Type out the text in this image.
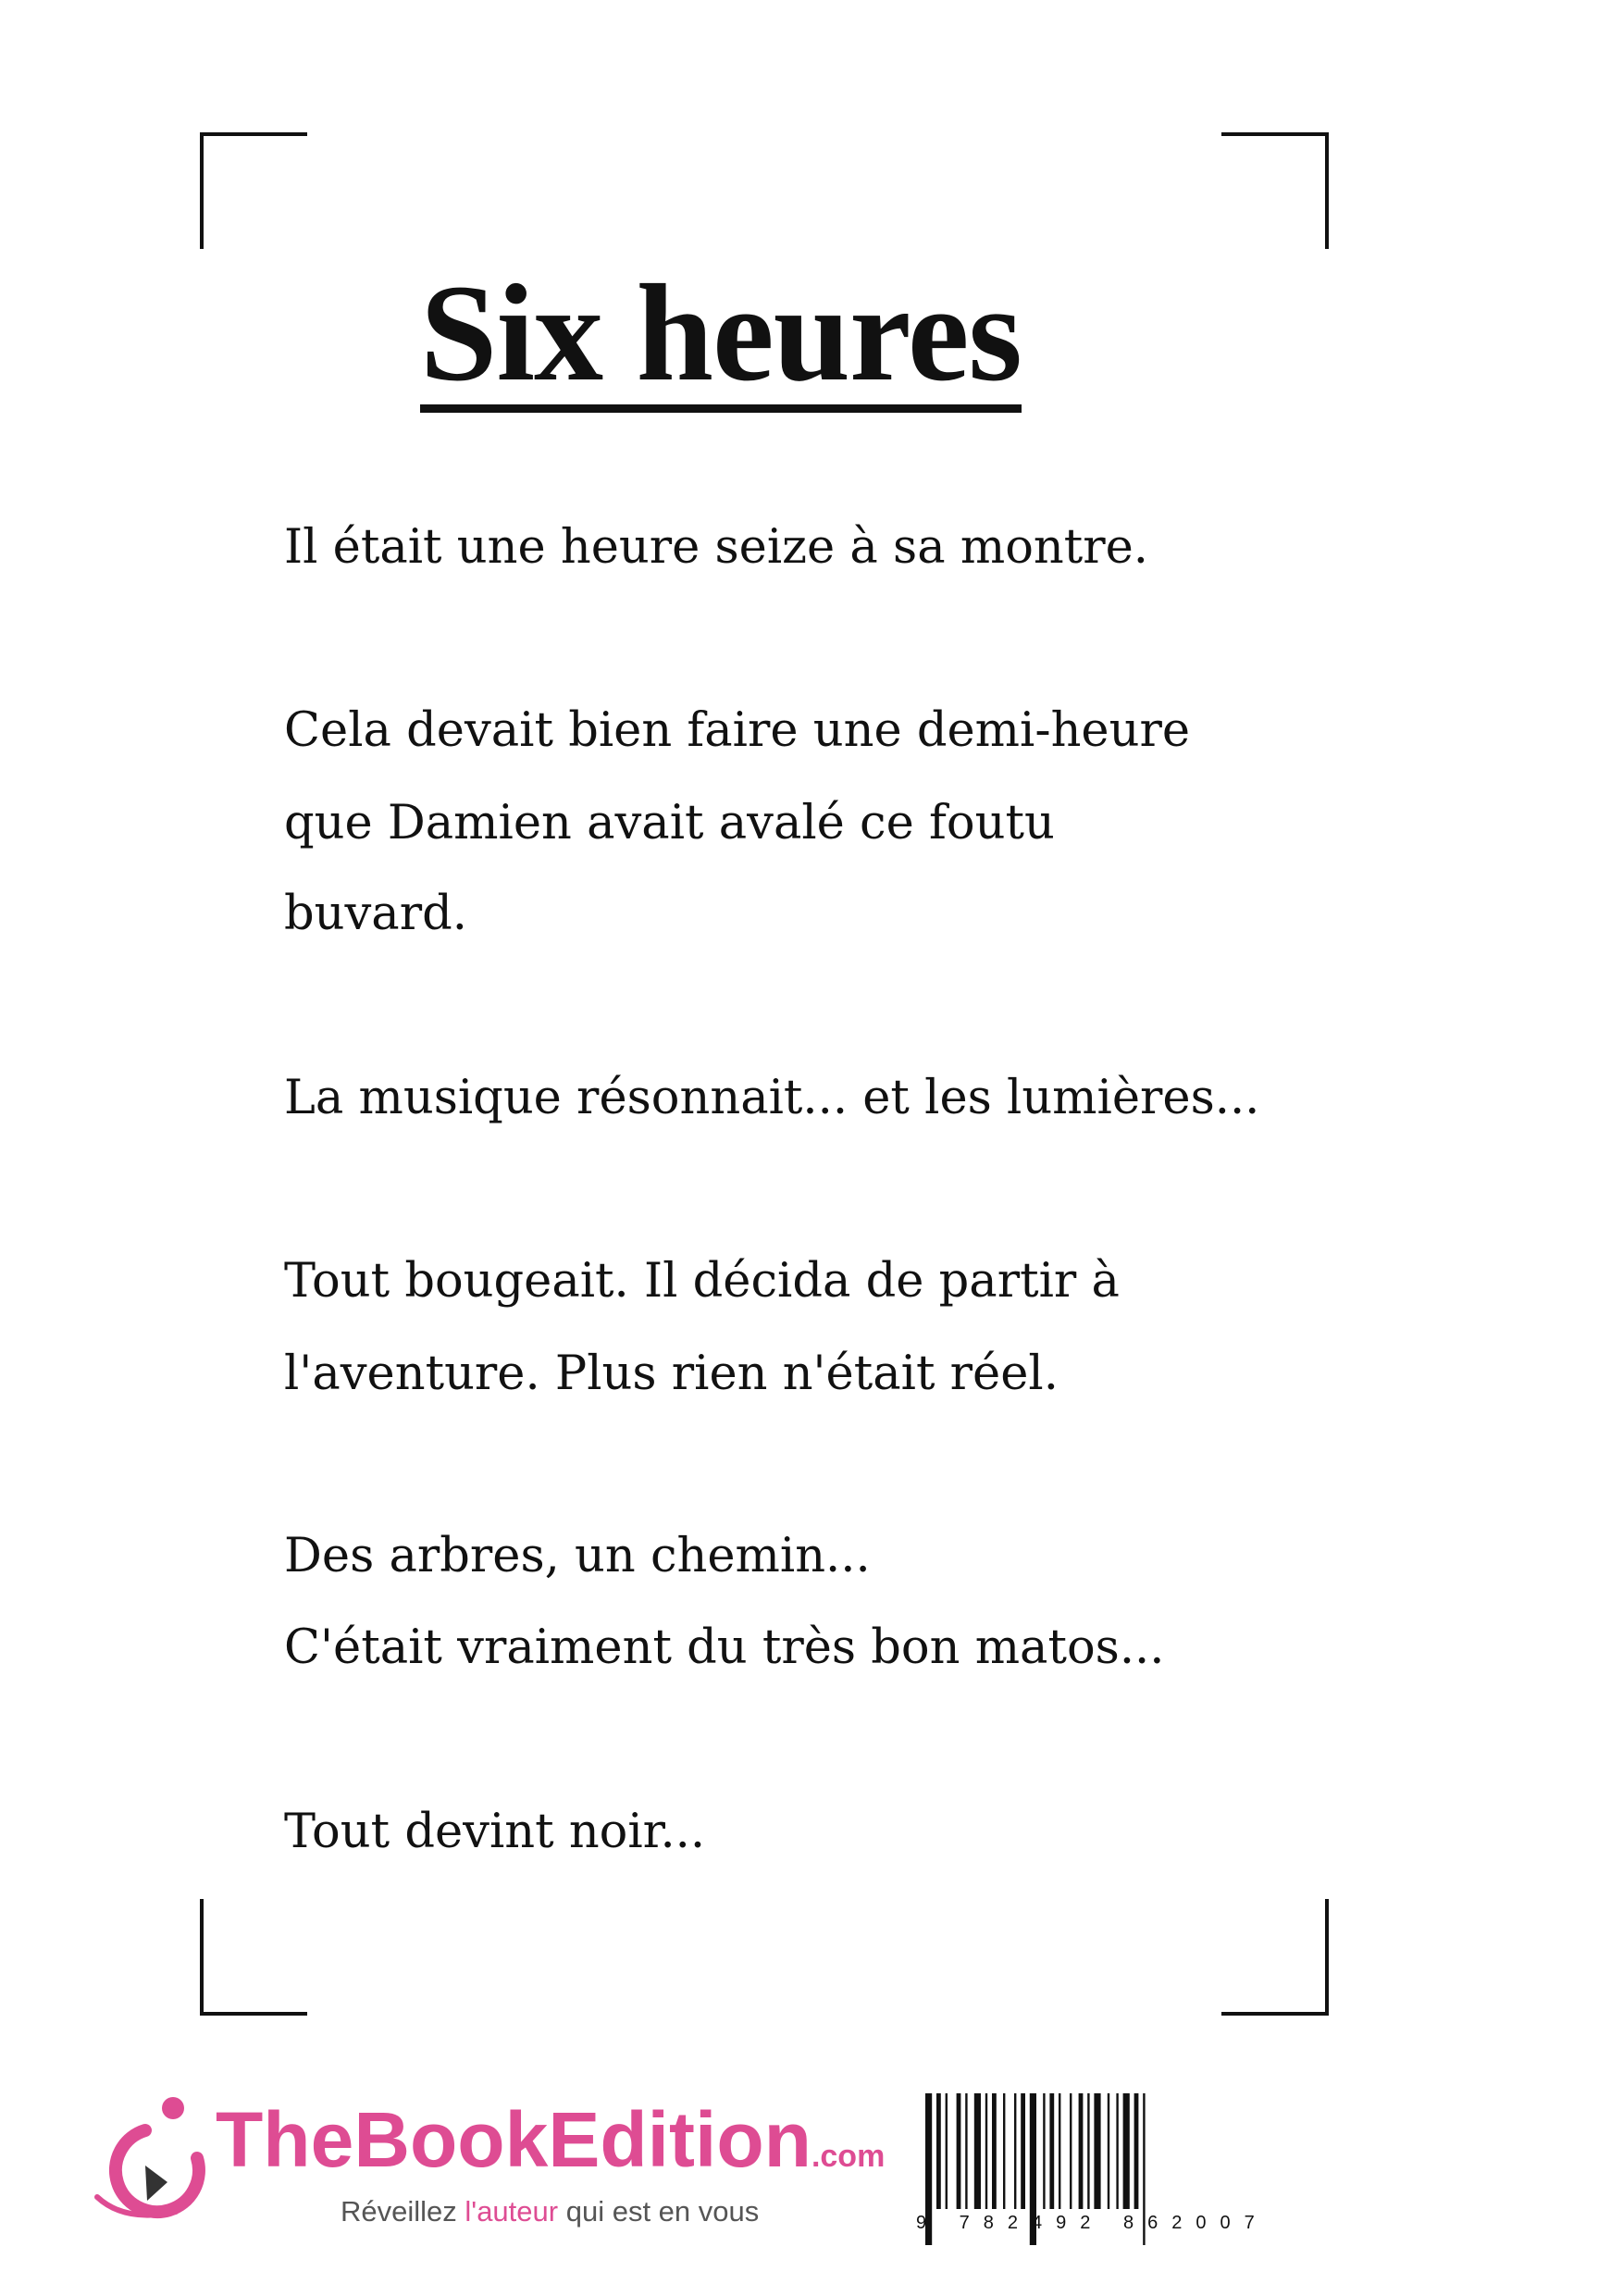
Six heures

Il était une heure seize à sa montre.

Cela devait bien faire une demi-heure

que Damien avait avalé ce foutu

buvard.

La musique résonnait... et les lumières...

Tout bougeait. Il décida de partir à

l'aventure. Plus rien n'était réel.

Des arbres, un chemin...

C'était vraiment du très bon matos...

Tout devint noir...

TheBookEdition.com
Réveillez l'auteur qui est en vous	9 782492 862007
